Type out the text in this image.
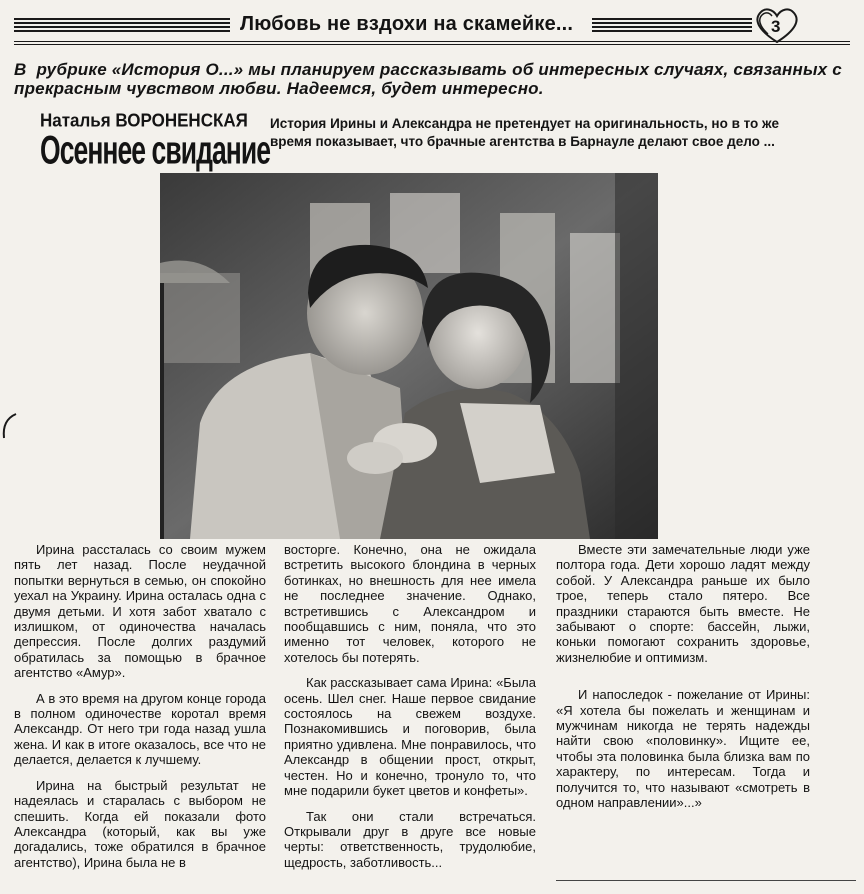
Любовь не вздохи на скамейке...	3
В рубрике «История О...» мы планируем рассказывать об интересных случаях, связанных с прекрасным чувством любви. Надеемся, будет интересно.
Наталья ВОРОНЕНСКАЯ
Осеннее свидание
История Ирины и Александра не претендует на оригинальность, но в то же время показывает, что брачные агентства в Барнауле делают свое дело ...

Ирина рассталась со своим мужем пять лет назад. После неудачной попытки вернуться в семью, он спокойно уехал на Украину. Ирина осталась одна с двумя детьми. И хотя забот хватало с излишком, от одиночества началась депрессия. После долгих раздумий обратилась за помощью в брачное агентство «Амур».

А в это время на другом конце города в полном одиночестве коротал время Александр. От него три года назад ушла жена. И как в итоге оказалось, все что не делается, делается к лучшему.

Ирина на быстрый результат не надеялась и старалась с выбором не спешить. Когда ей показали фото Александра (который, как вы уже догадались, тоже обратился в брачное агентство), Ирина была не в

восторге. Конечно, она не ожидала встретить высокого блондина в черных ботинках, но внешность для нее имела не последнее значение. Однако, встретившись с Александром и пообщавшись с ним, поняла, что это именно тот человек, которого не хотелось бы потерять.

Как рассказывает сама Ирина: «Была осень. Шел снег. Наше первое свидание состоялось на свежем воздухе. Познакомившись и поговорив, была приятно удивлена. Мне понравилось, что Александр в общении прост, открыт, честен. Но и конечно, тронуло то, что мне подарили букет цветов и конфеты».

Так они стали встречаться. Открывали друг в друге все новые черты: ответственность, трудолюбие, щедрость, заботливость...

Вместе эти замечательные люди уже полтора года. Дети хорошо ладят между собой. У Александра раньше их было трое, теперь стало пятеро. Все праздники стараются быть вместе. Не забывают о спорте: бассейн, лыжи, коньки помогают сохранить здоровье, жизнелюбие и оптимизм.

И напоследок - пожелание от Ирины: «Я хотела бы пожелать и женщинам и мужчинам никогда не терять надежды найти свою «половинку». Ищите ее, чтобы эта половинка была близка вам по характеру, по интересам. Тогда и получится то, что называют «смотреть в одном направлении»...»
